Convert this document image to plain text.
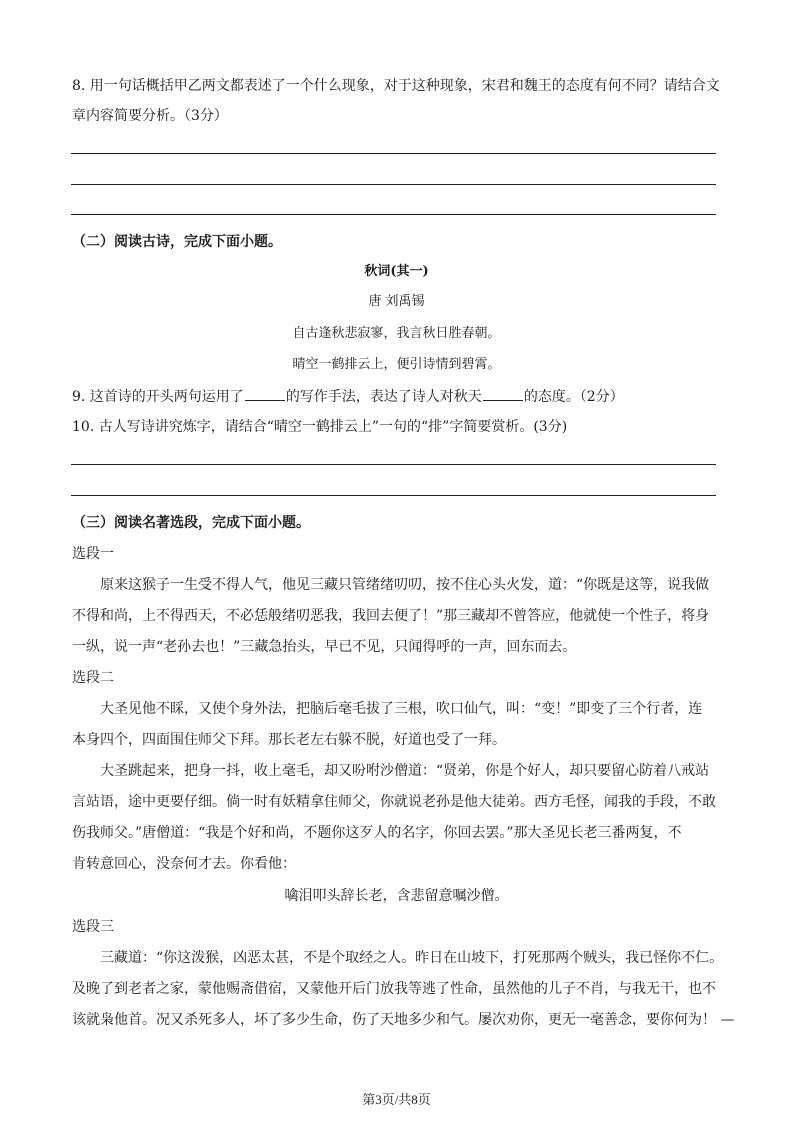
8. 用一句话概括甲乙两文都表述了一个什么现象，对于这种现象，宋君和魏王的态度有何不同？请结合文
章内容简要分析。（3分）
（二）阅读古诗，完成下面小题。
秋词(其一)
唐 刘禹锡
自古逢秋悲寂寥，我言秋日胜春朝。
晴空一鹤排云上，便引诗情到碧霄。
9. 这首诗的开头两句运用了	的写作手法，表达了诗人对秋天	的态度。（2分）
10. 古人写诗讲究炼字，请结合“晴空一鹤排云上”一句的“排”字简要赏析。(3分)
（三）阅读名著选段，完成下面小题。
选段一
原来这猴子一生受不得人气，他见三藏只管绪绪叨叨，按不住心头火发，道：“你既是这等，说我做
不得和尚，上不得西天，不必恁般绪叨恶我，我回去便了！”那三藏却不曾答应，他就使一个性子，将身
一纵，说一声“老孙去也！”三藏急抬头，早已不见，只闻得呼的一声，回东而去。
选段二
大圣见他不睬，又使个身外法，把脑后毫毛拔了三根，吹口仙气，叫：“变！”即变了三个行者，连
本身四个，四面围住师父下拜。那长老左右躲不脱，好道也受了一拜。
大圣跳起来，把身一抖，收上毫毛，却又吩咐沙僧道：“贤弟，你是个好人，却只要留心防着八戒站
言站语，途中更要仔细。倘一时有妖精拿住师父，你就说老孙是他大徒弟。西方毛怪，闻我的手段，不敢
伤我师父。”唐僧道：“我是个好和尚，不题你这歹人的名字，你回去罢。”那大圣见长老三番两复，不
肯转意回心，没奈何才去。你看他：
噙泪叩头辞长老，含悲留意嘱沙僧。
选段三
三藏道：“你这泼猴，凶恶太甚，不是个取经之人。昨日在山坡下，打死那两个贼头，我已怪你不仁。
及晚了到老者之家，蒙他赐斋借宿，又蒙他开后门放我等逃了性命，虽然他的儿子不肖，与我无干，也不
该就枭他首。况又杀死多人，坏了多少生命，伤了天地多少和气。屡次劝你，更无一毫善念，要你何为！ —
第3页/共8页
